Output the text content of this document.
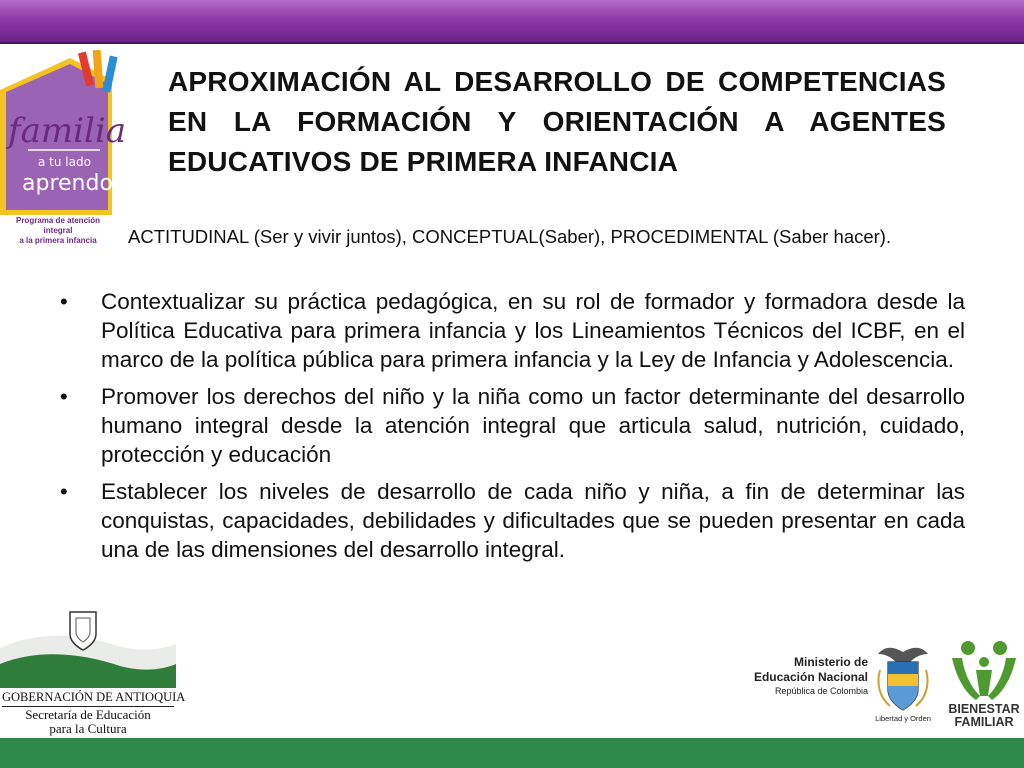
familia
a tu lado
aprendo
Programa de atención integral
a la primera infancia
APROXIMACIÓN AL DESARROLLO DE COMPETENCIAS EN LA FORMACIÓN Y ORIENTACIÓN A AGENTES EDUCATIVOS DE PRIMERA INFANCIA
ACTITUDINAL (Ser y vivir juntos), CONCEPTUAL(Saber), PROCEDIMENTAL (Saber hacer).
•	Contextualizar su práctica pedagógica, en su rol de formador y formadora desde la Política Educativa para primera infancia y los Lineamientos Técnicos del ICBF, en el marco de la política pública para primera infancia y la Ley de Infancia y Adolescencia.
•	Promover los derechos del niño y la niña como un factor determinante del desarrollo humano integral desde la atención integral que articula salud, nutrición, cuidado, protección y educación
•	Establecer los niveles de desarrollo de cada niño y niña, a fin de determinar las conquistas, capacidades, debilidades y dificultades que se pueden presentar en cada una de las dimensiones del desarrollo integral.
GOBERNACIÓN DE ANTIOQUIA
Secretaría de Educación
para la Cultura
Ministerio de
Educación Nacional
República de Colombia
Libertad y Orden
BIENESTAR
FAMILIAR
